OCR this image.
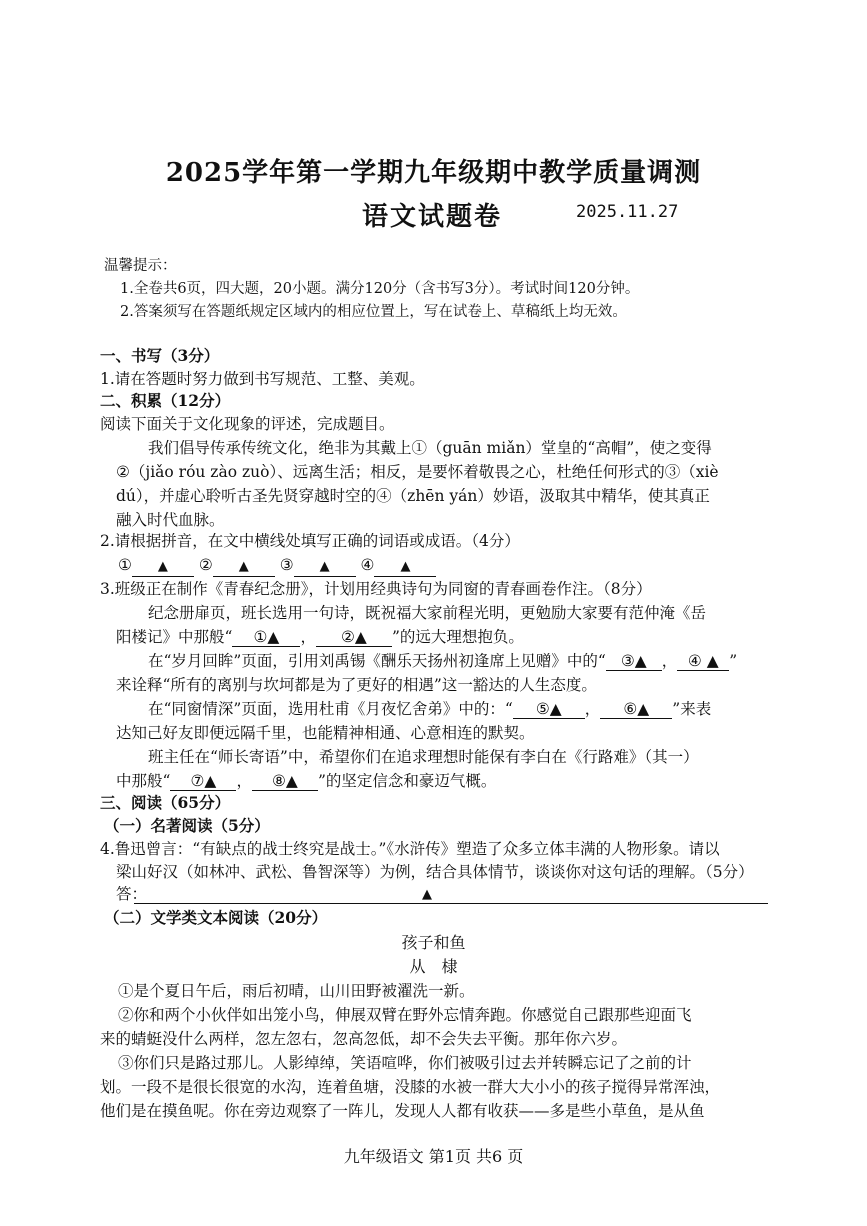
2025学年第一学期九年级期中教学质量调测
语文试题卷	2025.11.27
温馨提示：
1.全卷共6页，四大题，20小题。满分120分（含书写3分）。考试时间120分钟。
2.答案须写在答题纸规定区域内的相应位置上，写在试卷上、草稿纸上均无效。
一、书写（3分）
1.请在答题时努力做到书写规范、工整、美观。
二、积累（12分）
阅读下面关于文化现象的评述，完成题目。
我们倡导传承传统文化，绝非为其戴上①（guān miǎn）堂皇的“高帽”，使之变得
②（jiǎo róu zào zuò）、远离生活；相反，是要怀着敬畏之心，杜绝任何形式的③（xiè
dú），并虚心聆听古圣先贤穿越时空的④（zhēn yán）妙语，汲取其中精华，使其真正
融入时代血脉。
2.请根据拼音，在文中横线处填写正确的词语或成语。（4分）
① ▲ ② ▲ ③ ▲ ④ ▲
3.班级正在制作《青春纪念册》，计划用经典诗句为同窗的青春画卷作注。（8分）
纪念册扉页，班长选用一句诗，既祝福大家前程光明，更勉励大家要有范仲淹《岳
阳楼记》中那般“ ①▲ ， ②▲ ”的远大理想抱负。
在“岁月回眸”页面，引用刘禹锡《酬乐天扬州初逢席上见赠》中的“ ③▲ ， ④ ▲ ”
来诠释“所有的离别与坎坷都是为了更好的相遇”这一豁达的人生态度。
在“同窗情深”页面，选用杜甫《月夜忆舍弟》中的：“ ⑤▲ ， ⑥▲ ”来表
达知己好友即便远隔千里，也能精神相通、心意相连的默契。
班主任在“师长寄语”中，希望你们在追求理想时能保有李白在《行路难》（其一）
中那般“ ⑦▲ ， ⑧▲ ”的坚定信念和豪迈气概。
三、阅读（65分）
（一）名著阅读（5分）
4.鲁迅曾言：“有缺点的战士终究是战士。”《水浒传》塑造了众多立体丰满的人物形象。请以
梁山好汉（如林冲、武松、鲁智深等）为例，结合具体情节，谈谈你对这句话的理解。（5分）
答：	▲
（二）文学类文本阅读（20分）
孩子和鱼
从　棣
①是个夏日午后，雨后初晴，山川田野被濯洗一新。
②你和两个小伙伴如出笼小鸟，伸展双臂在野外忘情奔跑。你感觉自己跟那些迎面飞
来的蜻蜓没什么两样，忽左忽右，忽高忽低，却不会失去平衡。那年你六岁。
③你们只是路过那儿。人影绰绰，笑语喧哗，你们被吸引过去并转瞬忘记了之前的计
划。一段不是很长很宽的水沟，连着鱼塘，没膝的水被一群大大小小的孩子搅得异常浑浊，
他们是在摸鱼呢。你在旁边观察了一阵儿，发现人人都有收获——多是些小草鱼，是从鱼
九年级语文 第1页 共6 页
